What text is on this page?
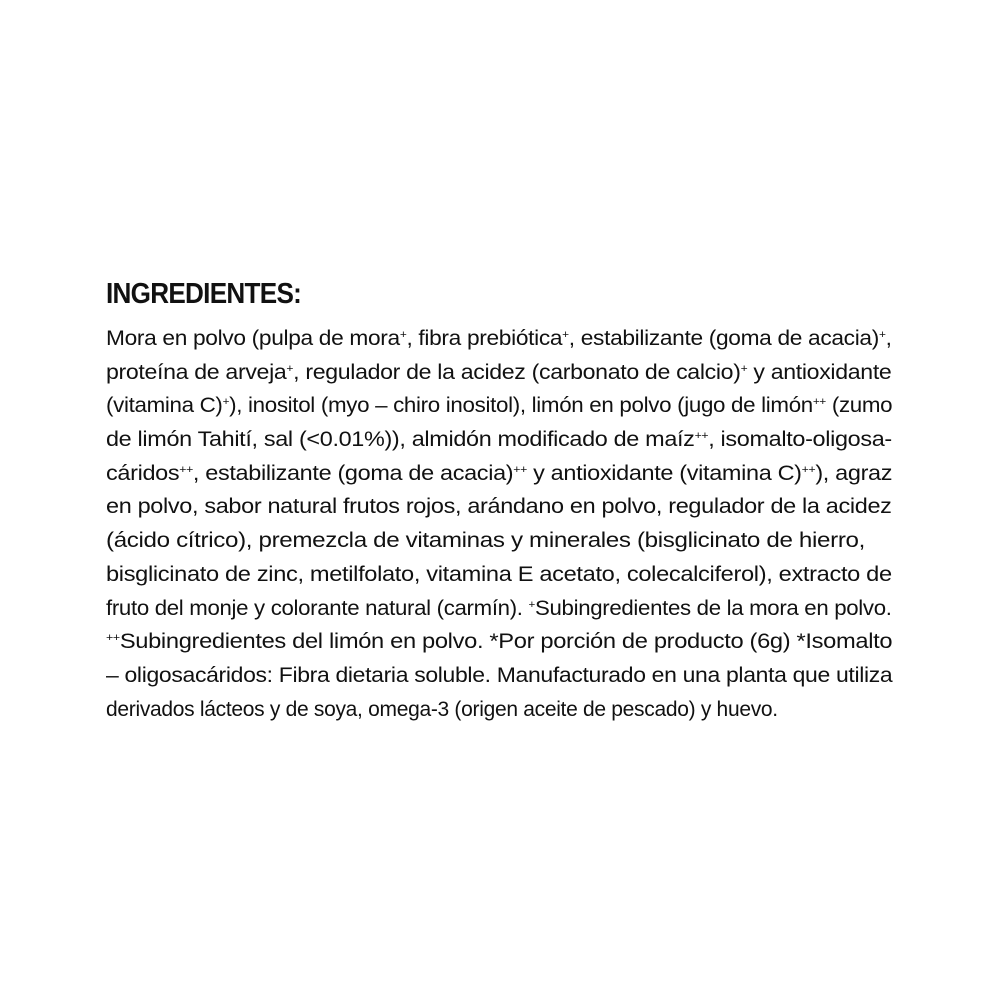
INGREDIENTES:
Mora en polvo (pulpa de mora+, fibra prebiótica+, estabilizante (goma de acacia)+,
proteína de arveja+, regulador de la acidez (carbonato de calcio)+ y antioxidante
(vitamina C)+), inositol (myo – chiro inositol), limón en polvo (jugo de limón++ (zumo
de limón Tahití, sal (<0.01%)), almidón modificado de maíz++, isomalto-oligosa-
cáridos++, estabilizante (goma de acacia)++ y antioxidante (vitamina C)++), agraz
en polvo, sabor natural frutos rojos, arándano en polvo, regulador de la acidez
(ácido cítrico), premezcla de vitaminas y minerales (bisglicinato de hierro,
bisglicinato de zinc, metilfolato, vitamina E acetato, colecalciferol), extracto de
fruto del monje y colorante natural (carmín). +Subingredientes de la mora en polvo.
++Subingredientes del limón en polvo. *Por porción de producto (6g) *Isomalto
– oligosacáridos: Fibra dietaria soluble. Manufacturado en una planta que utiliza
derivados lácteos y de soya, omega-3 (origen aceite de pescado) y huevo.
